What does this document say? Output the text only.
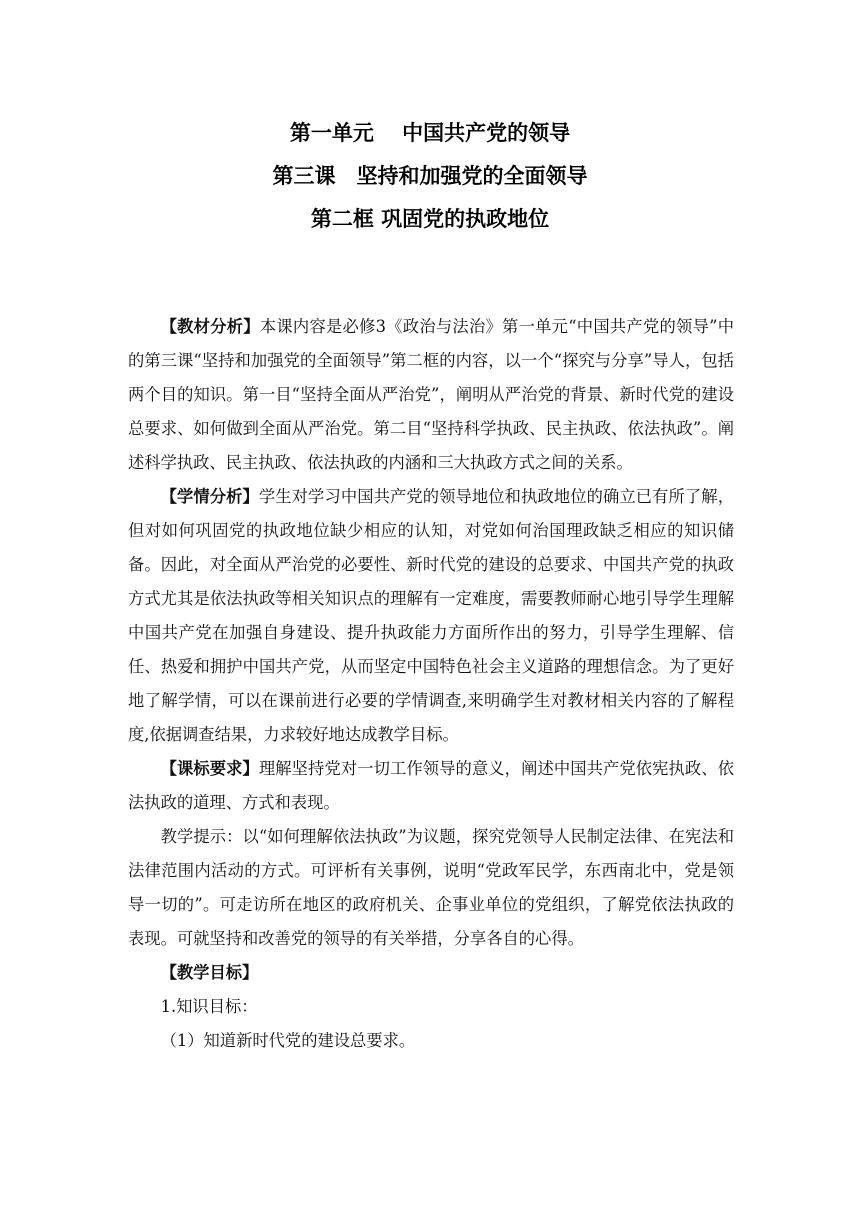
第一单元　 中国共产党的领导
第三课　坚持和加强党的全面领导
第二框 巩固党的执政地位

【教材分析】本课内容是必修3《政治与法治》第一单元“中国共产党的领导”中的第三课“坚持和加强党的全面领导”第二框的内容，以一个“探究与分享”导人，包括两个目的知识。第一目“坚持全面从严治党”，阐明从严治党的背景、新时代党的建设总要求、如何做到全面从严治党。第二目“坚持科学执政、民主执政、依法执政”。阐述科学执政、民主执政、依法执政的内涵和三大执政方式之间的关系。

【学情分析】学生对学习中国共产党的领导地位和执政地位的确立已有所了解，但对如何巩固党的执政地位缺少相应的认知，对党如何治国理政缺乏相应的知识储备。因此，对全面从严治党的必要性、新时代党的建设的总要求、中国共产党的执政方式尤其是依法执政等相关知识点的理解有一定难度，需要教师耐心地引导学生理解中国共产党在加强自身建设、提升执政能力方面所作出的努力，引导学生理解、信任、热爱和拥护中国共产党，从而坚定中国特色社会主义道路的理想信念。为了更好地了解学情，可以在课前进行必要的学情调查,来明确学生对教材相关内容的了解程度,依据调查结果，力求较好地达成教学目标。

【课标要求】理解坚持党对一切工作领导的意义，阐述中国共产党依宪执政、依法执政的道理、方式和表现。

教学提示：以“如何理解依法执政”为议题，探究党领导人民制定法律、在宪法和法律范围内活动的方式。可评析有关事例，说明“党政军民学，东西南北中，党是领导一切的”。可走访所在地区的政府机关、企事业单位的党组织，了解党依法执政的表现。可就坚持和改善党的领导的有关举措，分享各自的心得。

【教学目标】

1.知识目标：

（1）知道新时代党的建设总要求。
